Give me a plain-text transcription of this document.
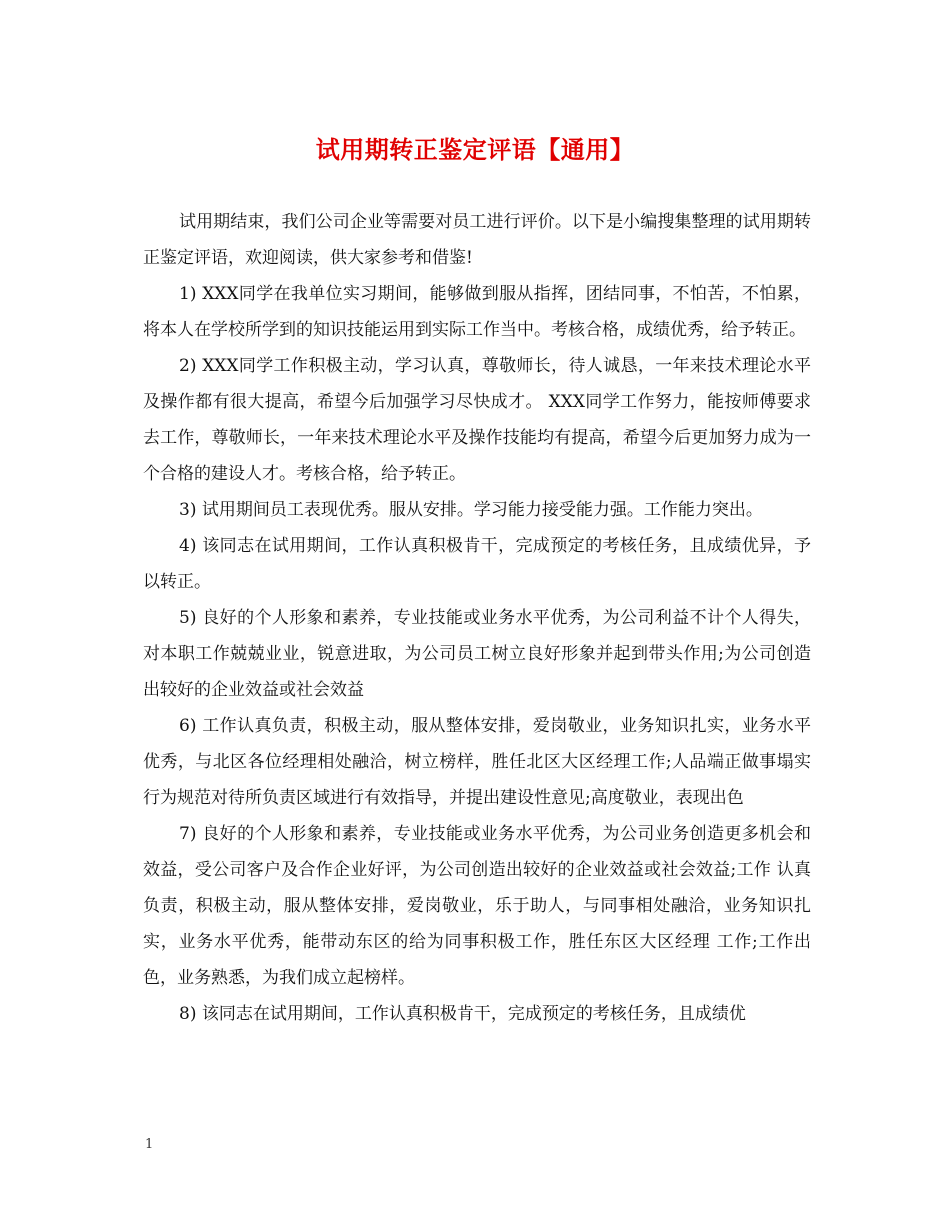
试用期转正鉴定评语【通用】

试用期结束，我们公司企业等需要对员工进行评价。以下是小编搜集整理的试用期转正鉴定评语，欢迎阅读，供大家参考和借鉴!

1) XXX同学在我单位实习期间，能够做到服从指挥，团结同事，不怕苦，不怕累，将本人在学校所学到的知识技能运用到实际工作当中。考核合格，成绩优秀，给予转正。

2) XXX同学工作积极主动，学习认真，尊敬师长，待人诚恳，一年来技术理论水平及操作都有很大提高，希望今后加强学习尽快成才。 XXX同学工作努力，能按师傅要求去工作，尊敬师长，一年来技术理论水平及操作技能均有提高，希望今后更加努力成为一个合格的建设人才。考核合格，给予转正。

3) 试用期间员工表现优秀。服从安排。学习能力接受能力强。工作能力突出。

4) 该同志在试用期间，工作认真积极肯干，完成预定的考核任务，且成绩优异，予以转正。

5) 良好的个人形象和素养，专业技能或业务水平优秀，为公司利益不计个人得失，对本职工作兢兢业业，锐意进取，为公司员工树立良好形象并起到带头作用;为公司创造出较好的企业效益或社会效益

6) 工作认真负责，积极主动，服从整体安排，爱岗敬业，业务知识扎实，业务水平优秀，与北区各位经理相处融洽，树立榜样，胜任北区大区经理工作;人品端正做事塌实行为规范对待所负责区域进行有效指导，并提出建设性意见;高度敬业，表现出色

7) 良好的个人形象和素养，专业技能或业务水平优秀，为公司业务创造更多机会和效益，受公司客户及合作企业好评，为公司创造出较好的企业效益或社会效益;工作 认真负责，积极主动，服从整体安排，爱岗敬业，乐于助人，与同事相处融洽，业务知识扎实，业务水平优秀，能带动东区的给为同事积极工作，胜任东区大区经理 工作;工作出色，业务熟悉，为我们成立起榜样。

8) 该同志在试用期间，工作认真积极肯干，完成预定的考核任务，且成绩优

1
